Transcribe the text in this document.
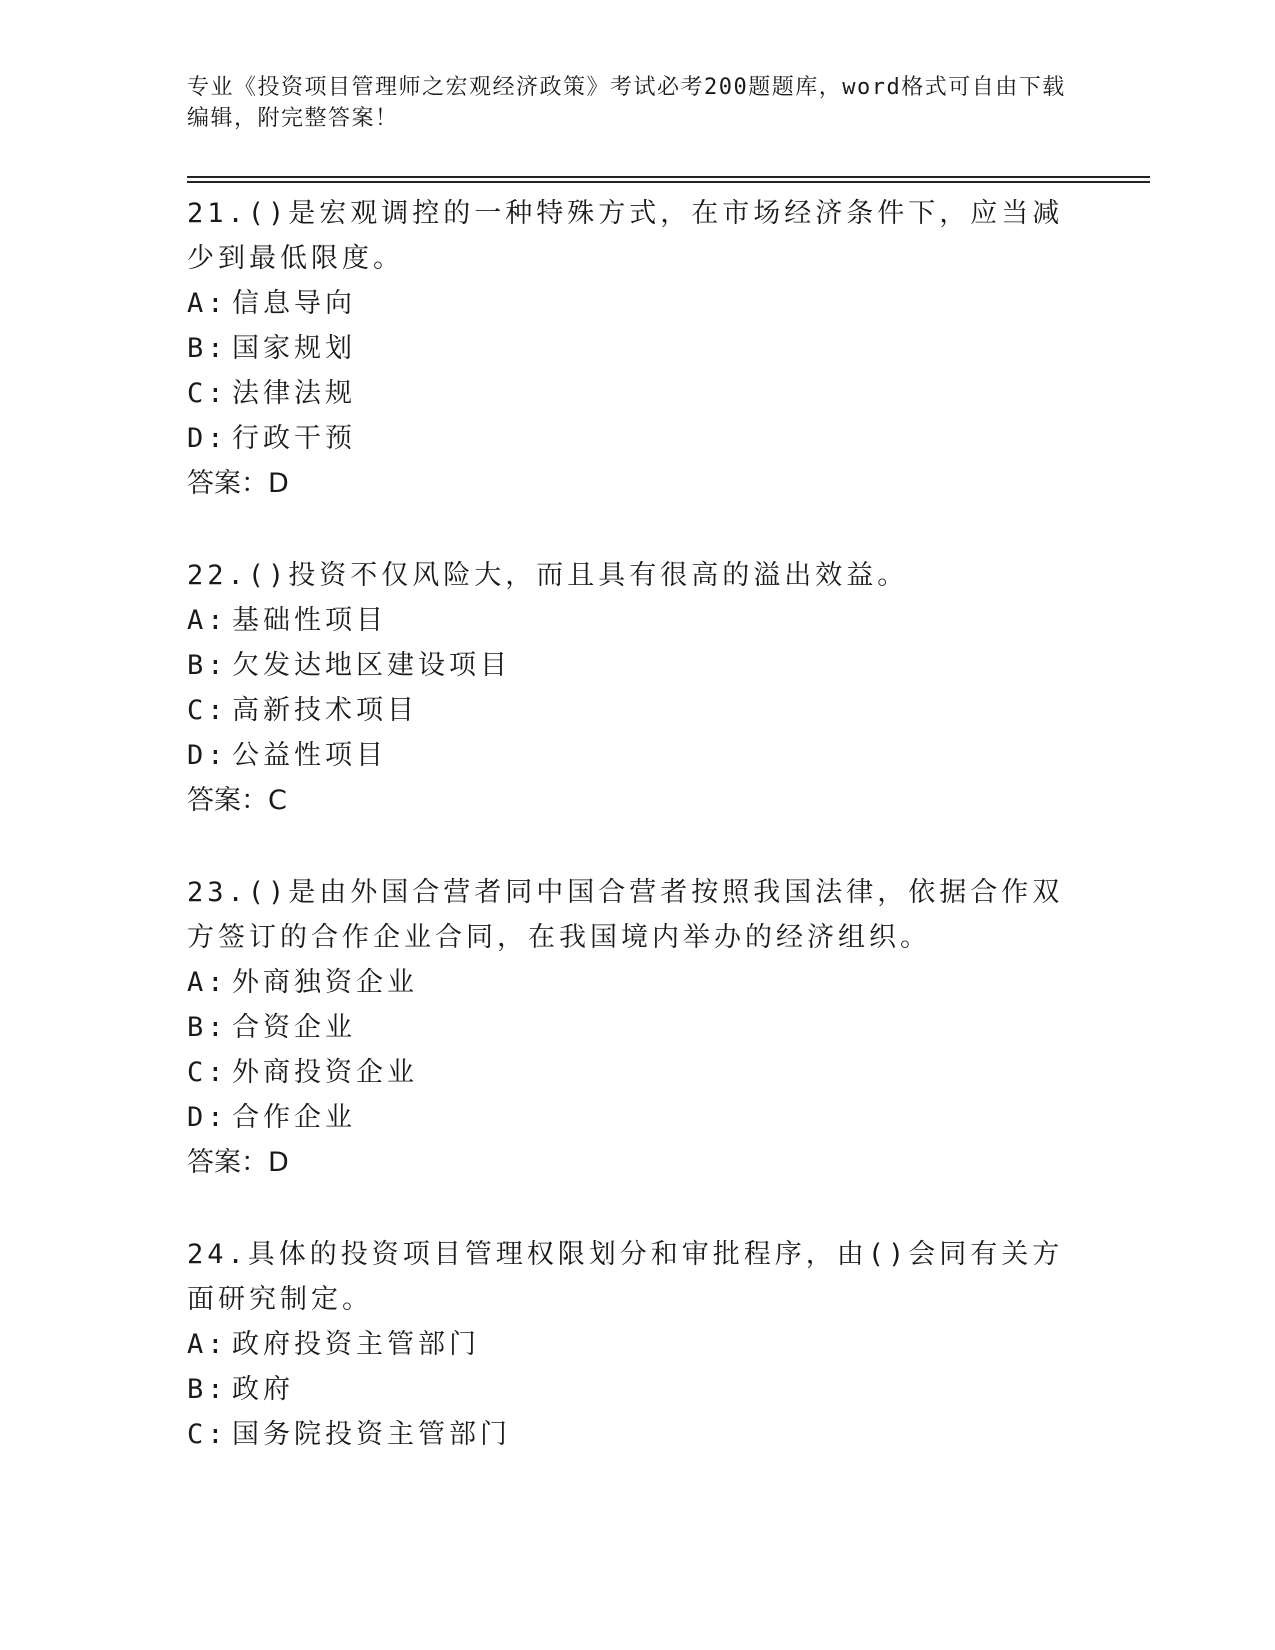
专业《投资项目管理师之宏观经济政策》考试必考200题题库，word格式可自由下载编辑，附完整答案！

21.()是宏观调控的一种特殊方式，在市场经济条件下，应当减少到最低限度。

A: 信息导向

B: 国家规划

C: 法律法规

D: 行政干预

答案：D

22.()投资不仅风险大，而且具有很高的溢出效益。

A: 基础性项目

B: 欠发达地区建设项目

C: 高新技术项目

D: 公益性项目

答案：C

23.()是由外国合营者同中国合营者按照我国法律，依据合作双方签订的合作企业合同，在我国境内举办的经济组织。

A: 外商独资企业

B: 合资企业

C: 外商投资企业

D: 合作企业

答案：D

24.具体的投资项目管理权限划分和审批程序，由()会同有关方面研究制定。

A: 政府投资主管部门

B: 政府

C: 国务院投资主管部门
